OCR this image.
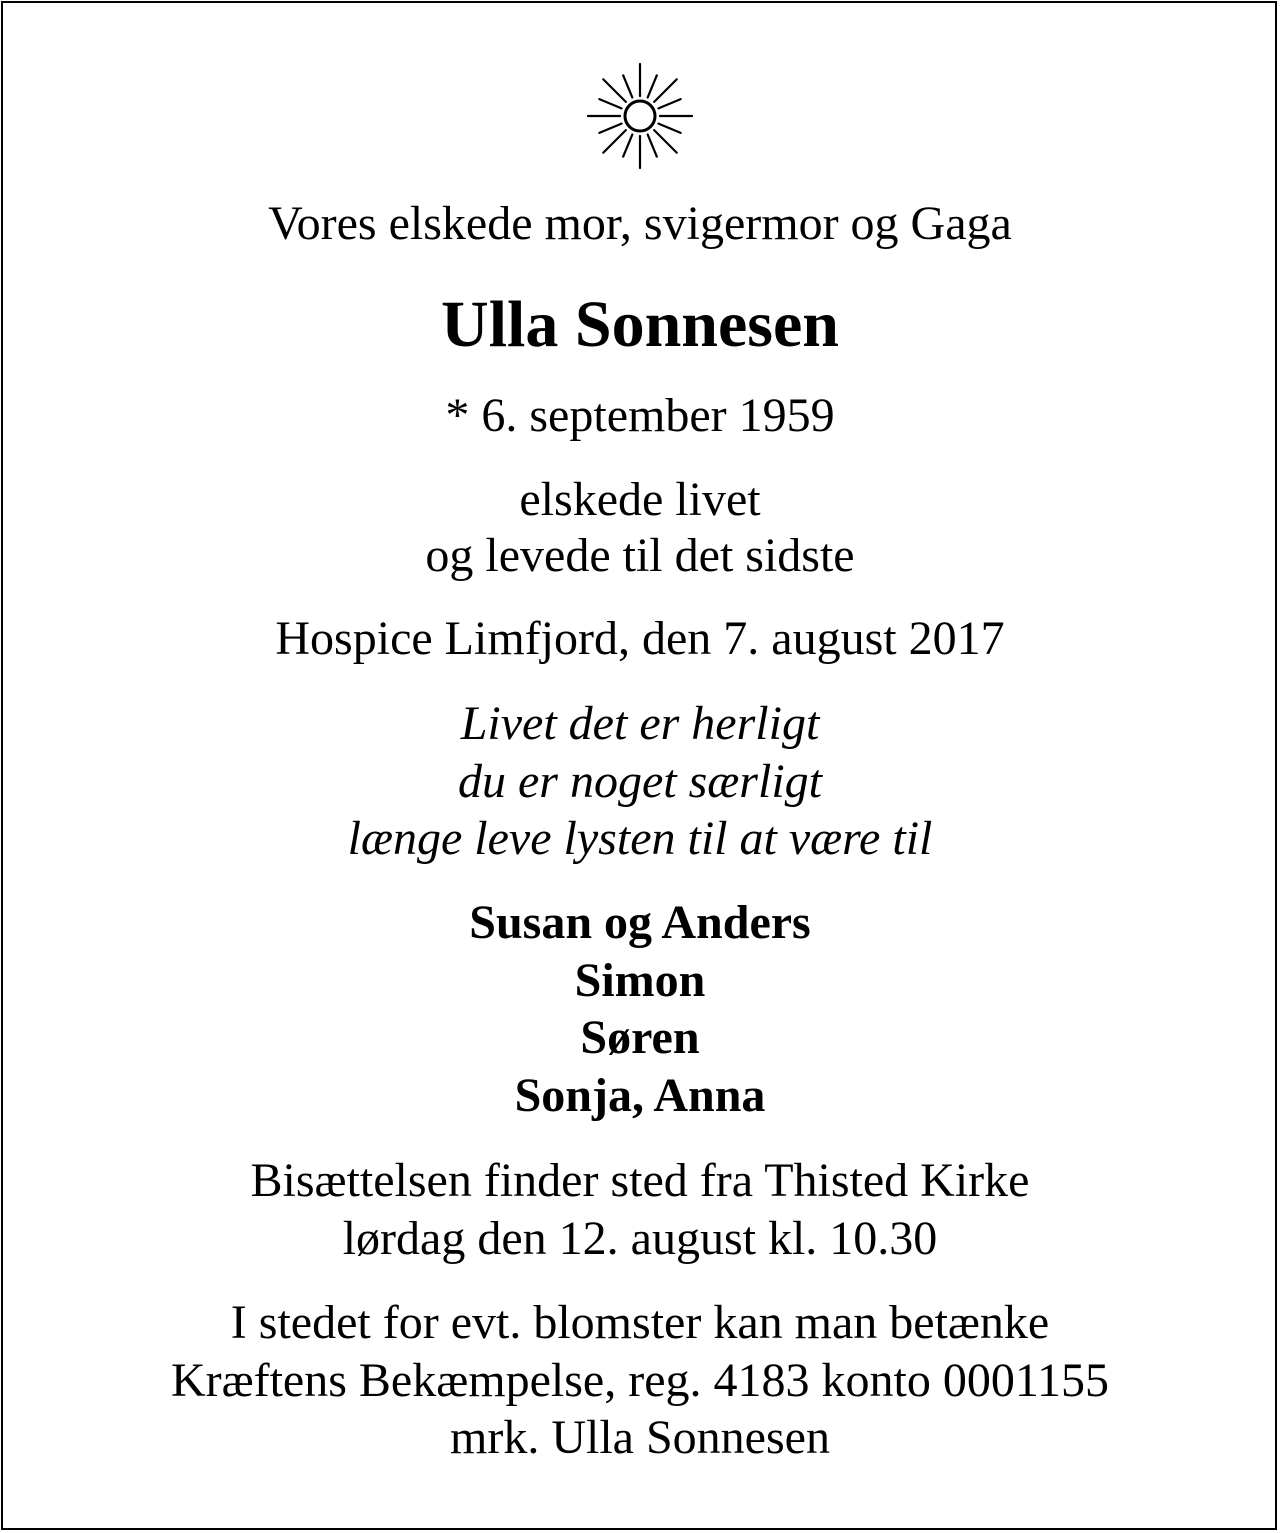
Vores elskede mor, svigermor og Gaga
Ulla Sonnesen
* 6. september 1959
elskede livet
og levede til det sidste
Hospice Limfjord, den 7. august 2017
Livet det er herligt
du er noget særligt
længe leve lysten til at være til
Susan og Anders
Simon
Søren
Sonja, Anna
Bisættelsen finder sted fra Thisted Kirke
lørdag den 12. august kl. 10.30
I stedet for evt. blomster kan man betænke
Kræftens Bekæmpelse, reg. 4183 konto 0001155
mrk. Ulla Sonnesen
